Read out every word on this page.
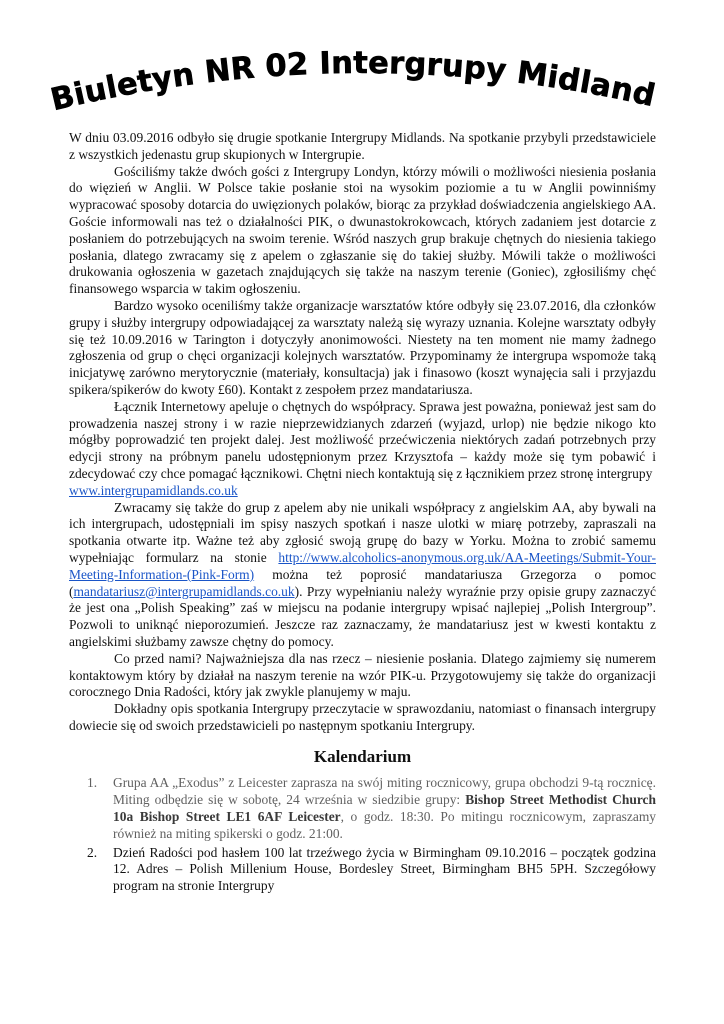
Biuletyn NR 02 Intergrupy Midlands

W dniu 03.09.2016 odbyło się drugie spotkanie Intergrupy Midlands. Na spotkanie przybyli przedstawiciele z wszystkich jedenastu grup skupionych w Intergrupie.

Gościliśmy także dwóch gości z Intergrupy Londyn, którzy mówili o możliwości niesienia posłania do więzień w Anglii. W Polsce takie posłanie stoi na wysokim poziomie a tu w Anglii powinniśmy wypracować sposoby dotarcia do uwięzionych polaków, biorąc za przykład doświadczenia angielskiego AA. Goście informowali nas też o działalności PIK, o dwunastokrokowcach, których zadaniem jest dotarcie z posłaniem do potrzebujących na swoim terenie. Wśród naszych grup brakuje chętnych do niesienia takiego posłania, dlatego zwracamy się z apelem o zgłaszanie się do takiej służby. Mówili także o możliwości drukowania ogłoszenia w gazetach znajdujących się także na naszym terenie (Goniec), zgłosiliśmy chęć finansowego wsparcia w takim ogłoszeniu.

Bardzo wysoko oceniliśmy także organizacje warsztatów które odbyły się 23.07.2016, dla członków grupy i służby intergrupy odpowiadającej za warsztaty należą się wyrazy uznania. Kolejne warsztaty odbyły się też 10.09.2016 w Tarington i dotyczyły anonimowości. Niestety na ten moment nie mamy żadnego zgłoszenia od grup o chęci organizacji kolejnych warsztatów. Przypominamy że intergrupa wspomoże taką inicjatywę zarówno merytorycznie (materiały, konsultacja) jak i finasowo (koszt wynajęcia sali i przyjazdu spikera/spikerów do kwoty £60). Kontakt z zespołem przez mandatariusza.

Łącznik Internetowy apeluje o chętnych do współpracy. Sprawa jest poważna, ponieważ jest sam do prowadzenia naszej strony i w razie nieprzewidzianych zdarzeń (wyjazd, urlop) nie będzie nikogo kto mógłby poprowadzić ten projekt dalej. Jest możliwość przećwiczenia niektórych zadań potrzebnych przy edycji strony na próbnym panelu udostępnionym przez Krzysztofa – każdy może się tym pobawić i zdecydować czy chce pomagać łącznikowi. Chętni niech kontaktują się z łącznikiem przez stronę intergrupy
www.intergrupamidlands.co.uk

Zwracamy się także do grup z apelem aby nie unikali współpracy z angielskim AA, aby bywali na ich intergrupach, udostępniali im spisy naszych spotkań i nasze ulotki w miarę potrzeby, zapraszali na spotkania otwarte itp. Ważne też aby zgłosić swoją grupę do bazy w Yorku. Można to zrobić samemu wypełniając formularz na stonie http://www.alcoholics-anonymous.org.uk/AA-Meetings/Submit-Your-Meeting-Information-(Pink-Form) można też poprosić mandatariusza Grzegorza o pomoc (mandatariusz@intergrupamidlands.co.uk). Przy wypełnianiu należy wyraźnie przy opisie grupy zaznaczyć że jest ona „Polish Speaking” zaś w miejscu na podanie intergrupy wpisać najlepiej „Polish Intergroup”. Pozwoli to uniknąć nieporozumień. Jeszcze raz zaznaczamy, że mandatariusz jest w kwesti kontaktu z angielskimi służbamy zawsze chętny do pomocy.

Co przed nami? Najważniejsza dla nas rzecz – niesienie posłania. Dlatego zajmiemy się numerem kontaktowym który by działał na naszym terenie na wzór PIK-u. Przygotowujemy się także do organizacji corocznego Dnia Radości, który jak zwykle planujemy w maju.

Dokładny opis spotkania Intergrupy przeczytacie w sprawozdaniu, natomiast o finansach intergrupy dowiecie się od swoich przedstawicieli po następnym spotkaniu Intergrupy.

Kalendarium
1. Grupa AA „Exodus” z Leicester zaprasza na swój miting rocznicowy, grupa obchodzi 9-tą rocznicę. Miting odbędzie się w sobotę, 24 września w siedzibie grupy: Bishop Street Methodist Church 10a Bishop Street LE1 6AF Leicester, o godz. 18:30. Po mitingu rocznicowym, zapraszamy również na miting spikerski o godz. 21:00.
2. Dzień Radości pod hasłem 100 lat trzeźwego życia w Birmingham 09.10.2016 – początek godzina 12. Adres – Polish Millenium House, Bordesley Street, Birmingham BH5 5PH. Szczegółowy program na stronie Intergrupy
